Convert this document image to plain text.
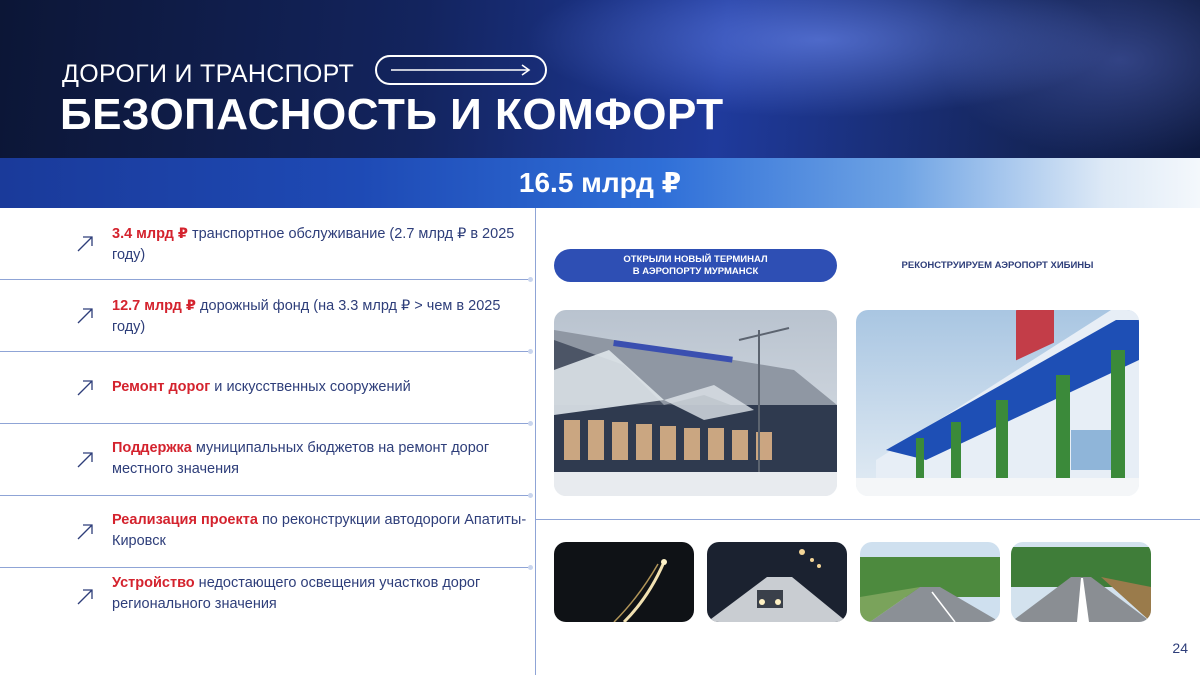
ДОРОГИ И ТРАНСПОРТ
БЕЗОПАСНОСТЬ И КОМФОРТ
16.5 млрд ₽
3.4 млрд ₽ транспортное обслуживание (2.7 млрд ₽ в 2025 году)
12.7 млрд ₽ дорожный фонд (на 3.3 млрд ₽ > чем в 2025 году)
Ремонт дорог и искусственных сооружений
Поддержка муниципальных бюджетов на ремонт дорог местного значения
Реализация проекта по реконструкции автодороги Апатиты-Кировск
Устройство недостающего освещения участков дорог регионального значения
ОТКРЫЛИ НОВЫЙ ТЕРМИНАЛ
В АЭРОПОРТУ МУРМАНСК	РЕКОНСТРУИРУЕМ АЭРОПОРТ ХИБИНЫ
24
